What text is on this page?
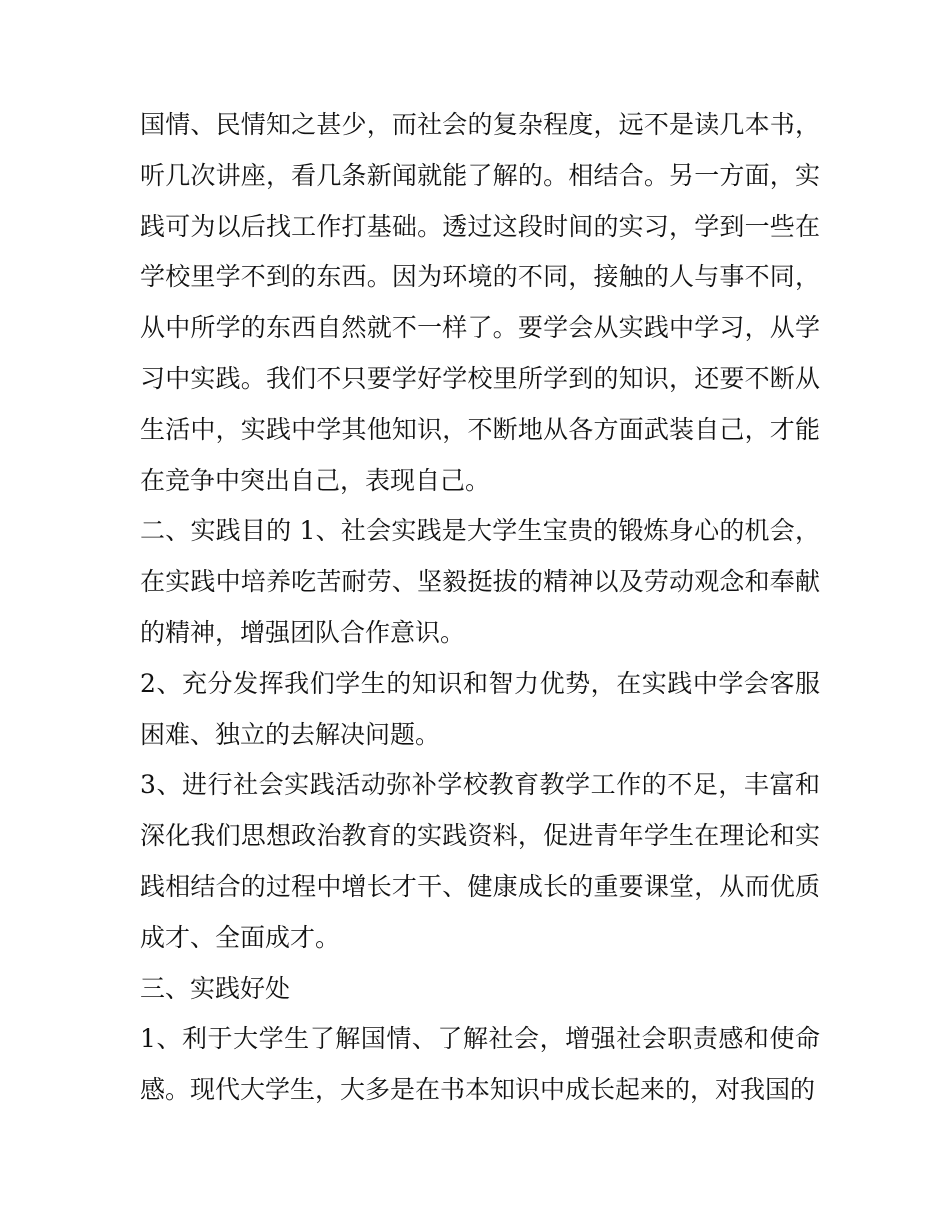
国情、民情知之甚少，而社会的复杂程度，远不是读几本书，听几次讲座，看几条新闻就能了解的。相结合。另一方面，实践可为以后找工作打基础。透过这段时间的实习，学到一些在学校里学不到的东西。因为环境的不同，接触的人与事不同，从中所学的东西自然就不一样了。要学会从实践中学习，从学习中实践。我们不只要学好学校里所学到的知识，还要不断从生活中，实践中学其他知识，不断地从各方面武装自己，才能在竞争中突出自己，表现自己。

二、实践目的 1、社会实践是大学生宝贵的锻炼身心的机会，在实践中培养吃苦耐劳、坚毅挺拔的精神以及劳动观念和奉献的精神，增强团队合作意识。

2、充分发挥我们学生的知识和智力优势，在实践中学会客服困难、独立的去解决问题。

3、进行社会实践活动弥补学校教育教学工作的不足，丰富和深化我们思想政治教育的实践资料，促进青年学生在理论和实践相结合的过程中增长才干、健康成长的重要课堂，从而优质成才、全面成才。

三、实践好处

1、利于大学生了解国情、了解社会，增强社会职责感和使命感。现代大学生，大多是在书本知识中成长起来的，对我国的
